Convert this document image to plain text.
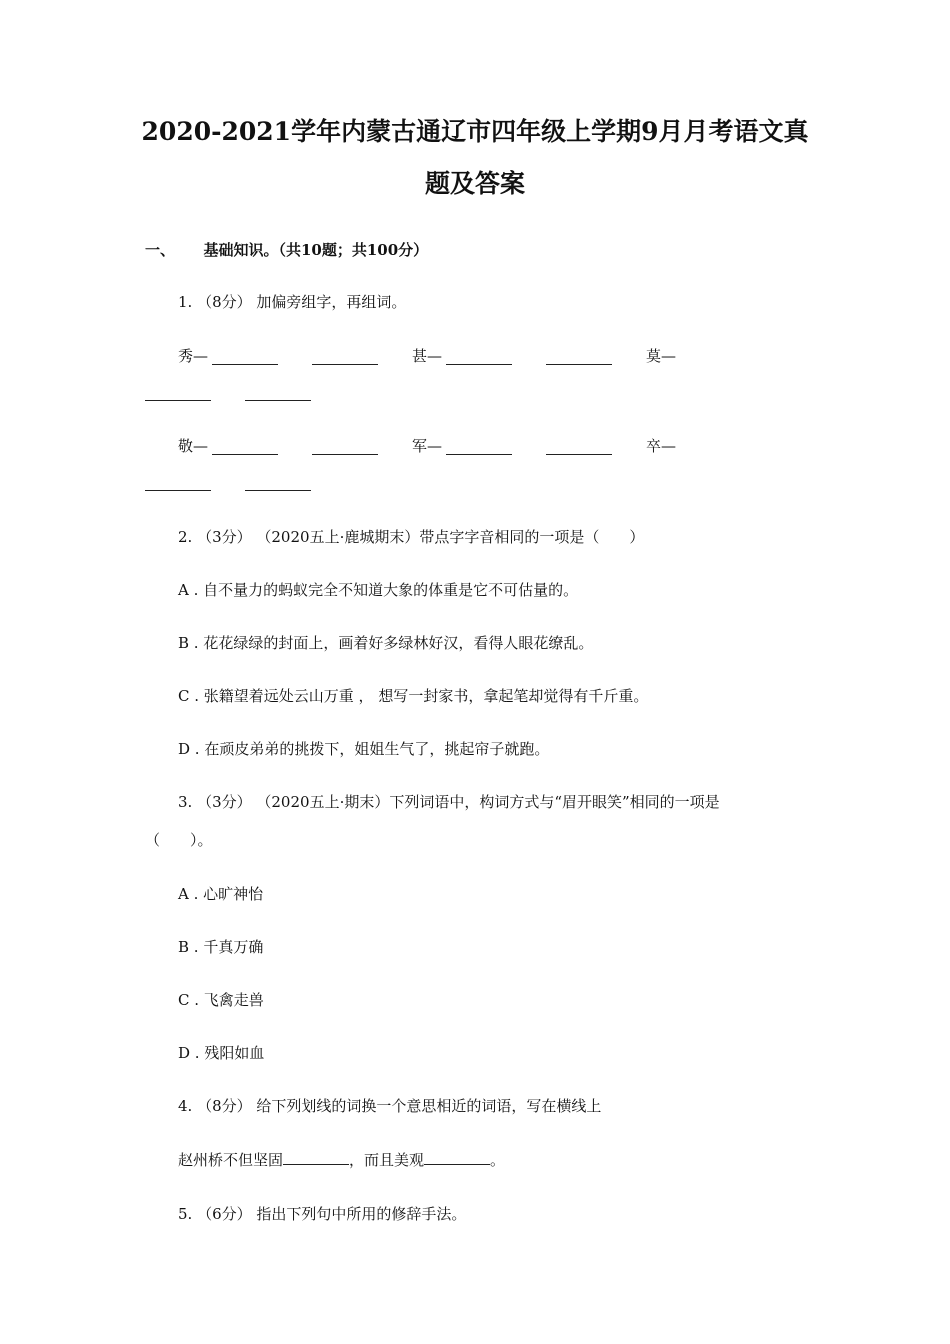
2020-2021学年内蒙古通辽市四年级上学期9月月考语文真
题及答案

一、 基础知识。（共10题；共100分）

1. （8分） 加偏旁组字，再组词。

秀—	甚—	莫—
敬—	军—	卒—

2. （3分） （2020五上·鹿城期末）带点字字音相同的一项是（　　）

A . 自不量力的蚂蚁完全不知道大象的体重是它不可估量的。

B . 花花绿绿的封面上，画着好多绿林好汉，看得人眼花缭乱。

C . 张籍望着远处云山万重 ， 想写一封家书，拿起笔却觉得有千斤重。

D . 在顽皮弟弟的挑拨下，姐姐生气了，挑起帘子就跑。

3. （3分） （2020五上·期末）下列词语中，构词方式与“眉开眼笑”相同的一项是

（　　）。

A . 心旷神怡

B . 千真万确

C . 飞禽走兽

D . 残阳如血

4. （8分） 给下列划线的词换一个意思相近的词语，写在横线上

赵州桥不但坚固	，而且美观	。

5. （6分） 指出下列句中所用的修辞手法。
